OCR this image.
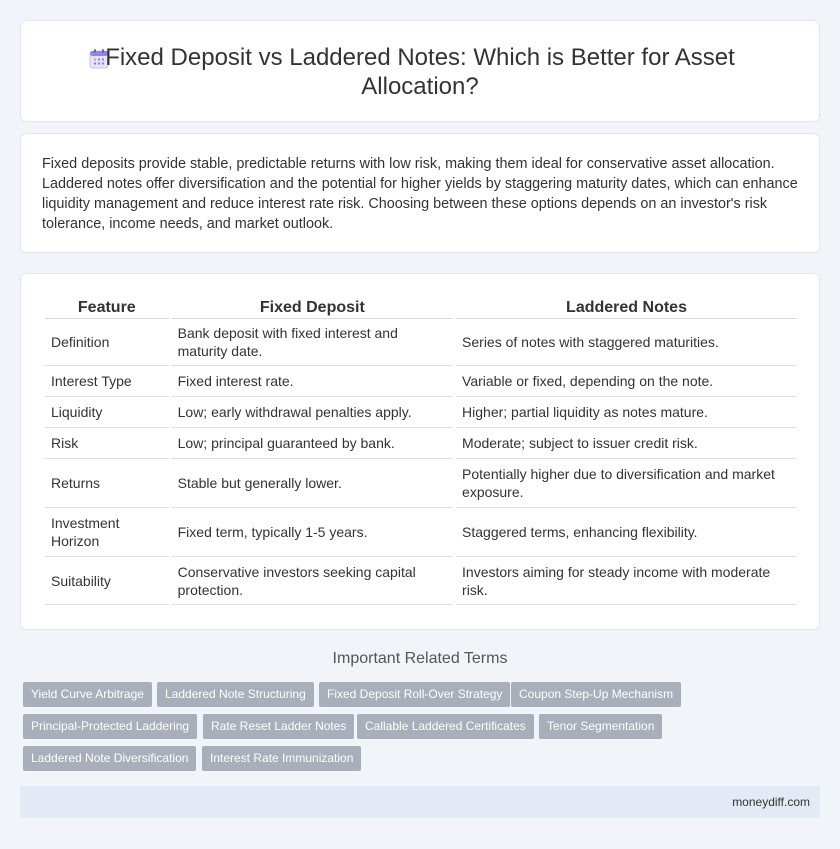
Fixed Deposit vs Laddered Notes: Which is Better for Asset Allocation?

Fixed deposits provide stable, predictable returns with low risk, making them ideal for conservative asset allocation. Laddered notes offer diversification and the potential for higher yields by staggering maturity dates, which can enhance liquidity management and reduce interest rate risk. Choosing between these options depends on an investor's risk tolerance, income needs, and market outlook.

Feature	Fixed Deposit	Laddered Notes
Definition	Bank deposit with fixed interest and maturity date.	Series of notes with staggered maturities.
Interest Type	Fixed interest rate.	Variable or fixed, depending on the note.
Liquidity	Low; early withdrawal penalties apply.	Higher; partial liquidity as notes mature.
Risk	Low; principal guaranteed by bank.	Moderate; subject to issuer credit risk.
Returns	Stable but generally lower.	Potentially higher due to diversification and market exposure.
Investment Horizon	Fixed term, typically 1-5 years.	Staggered terms, enhancing flexibility.
Suitability	Conservative investors seeking capital protection.	Investors aiming for steady income with moderate risk.
Important Related Terms
Yield Curve Arbitrage	Laddered Note Structuring	Fixed Deposit Roll-Over Strategy	Coupon Step-Up Mechanism
Principal-Protected Laddering	Rate Reset Ladder Notes	Callable Laddered Certificates	Tenor Segmentation
Laddered Note Diversification	Interest Rate Immunization
moneydiff.com
